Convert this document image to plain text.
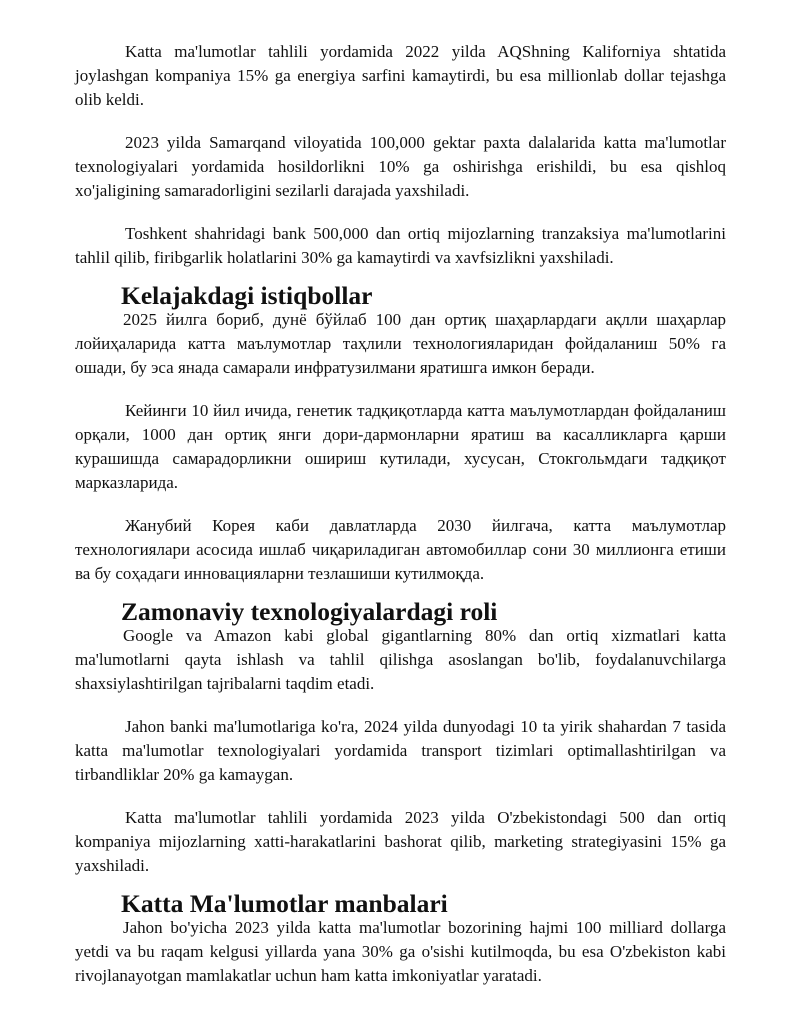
Katta ma'lumotlar tahlili yordamida 2022 yilda AQShning Kaliforniya shtatida joylashgan kompaniya 15% ga energiya sarfini kamaytirdi, bu esa millionlab dollar tejashga olib keldi.

2023 yilda Samarqand viloyatida 100,000 gektar paxta dalalarida katta ma'lumotlar texnologiyalari yordamida hosildorlikni 10% ga oshirishga erishildi, bu esa qishloq xo'jaligining samaradorligini sezilarli darajada yaxshiladi.

Toshkent shahridagi bank 500,000 dan ortiq mijozlarning tranzaksiya ma'lumotlarini tahlil qilib, firibgarlik holatlarini 30% ga kamaytirdi va xavfsizlikni yaxshiladi.

Kelajakdagi istiqbollar

2025 йилга бориб, дунё бўйлаб 100 дан ортиқ шаҳарлардаги ақлли шаҳарлар лойиҳаларида катта маълумотлар таҳлили технологияларидан фойдаланиш 50% га ошади, бу эса янада самарали инфратузилмани яратишга имкон беради.

Кейинги 10 йил ичида, генетик тадқиқотларда катта маълумотлардан фойдаланиш орқали, 1000 дан ортиқ янги дори-дармонларни яратиш ва касалликларга қарши курашишда самарадорликни ошириш кутилади, хусусан, Стокгольмдаги тадқиқот марказларида.

Жанубий Корея каби давлатларда 2030 йилгача, катта маълумотлар технологиялари асосида ишлаб чиқариладиган автомобиллар сони 30 миллионга етиши ва бу соҳадаги инновацияларни тезлашиши кутилмоқда.

Zamonaviy texnologiyalardagi roli

Google va Amazon kabi global gigantlarning 80% dan ortiq xizmatlari katta ma'lumotlarni qayta ishlash va tahlil qilishga asoslangan bo'lib, foydalanuvchilarga shaxsiylashtirilgan tajribalarni taqdim etadi.

Jahon banki ma'lumotlariga ko'ra, 2024 yilda dunyodagi 10 ta yirik shahardan 7 tasida katta ma'lumotlar texnologiyalari yordamida transport tizimlari optimallashtirilgan va tirbandliklar 20% ga kamaygan.

Katta ma'lumotlar tahlili yordamida 2023 yilda O'zbekistondagi 500 dan ortiq kompaniya mijozlarning xatti-harakatlarini bashorat qilib, marketing strategiyasini 15% ga yaxshiladi.

Katta Ma'lumotlar manbalari

Jahon bo'yicha 2023 yilda katta ma'lumotlar bozorining hajmi 100 milliard dollarga yetdi va bu raqam kelgusi yillarda yana 30% ga o'sishi kutilmoqda, bu esa O'zbekiston kabi rivojlanayotgan mamlakatlar uchun ham katta imkoniyatlar yaratadi.
